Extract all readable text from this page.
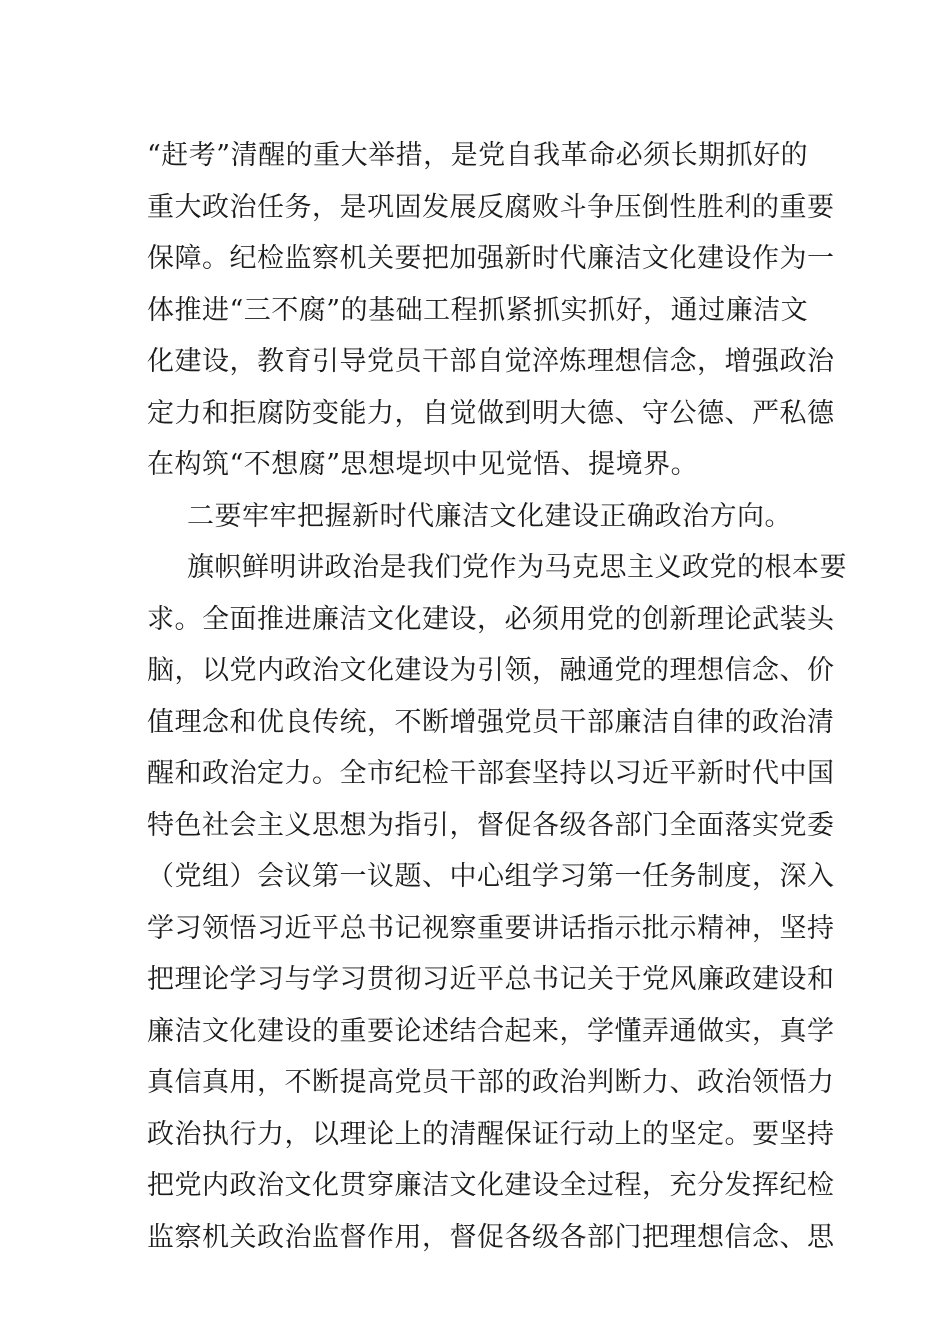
“赶考”清醒的重大举措，是党自我革命必须长期抓好的
重大政治任务，是巩固发展反腐败斗争压倒性胜利的重要
保障。纪检监察机关要把加强新时代廉洁文化建设作为一
体推进“三不腐”的基础工程抓紧抓实抓好，通过廉洁文
化建设，教育引导党员干部自觉淬炼理想信念，增强政治
定力和拒腐防变能力，自觉做到明大德、守公德、严私德
在构筑“不想腐”思想堤坝中见觉悟、提境界。
二要牢牢把握新时代廉洁文化建设正确政治方向。
旗帜鲜明讲政治是我们党作为马克思主义政党的根本要
求。全面推进廉洁文化建设，必须用党的创新理论武装头
脑，以党内政治文化建设为引领，融通党的理想信念、价
值理念和优良传统，不断增强党员干部廉洁自律的政治清
醒和政治定力。全市纪检干部套坚持以习近平新时代中国
特色社会主义思想为指引，督促各级各部门全面落实党委
（党组）会议第一议题、中心组学习第一任务制度，深入
学习领悟习近平总书记视察重要讲话指示批示精神，坚持
把理论学习与学习贯彻习近平总书记关于党风廉政建设和
廉洁文化建设的重要论述结合起来，学懂弄通做实，真学
真信真用，不断提高党员干部的政治判断力、政治领悟力
政治执行力，以理论上的清醒保证行动上的坚定。要坚持
把党内政治文化贯穿廉洁文化建设全过程，充分发挥纪检
监察机关政治监督作用，督促各级各部门把理想信念、思
